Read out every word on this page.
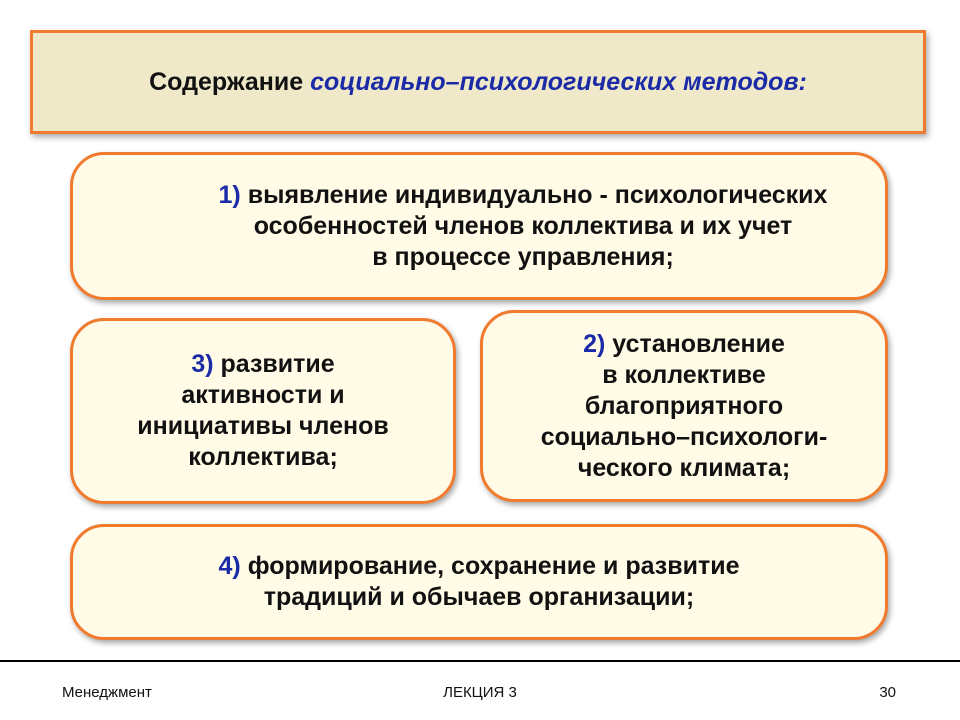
Содержание социально–психологических методов:
1) выявление индивидуально - психологических
особенностей членов коллектива и их учет
в процессе управления;
3) развитие
активности и
инициативы членов
коллектива;
2) установление
в коллективе
благоприятного
социально–психологи-
ческого климата;
4) формирование, сохранение и развитие
традиций и обычаев организации;
Менеджмент	ЛЕКЦИЯ 3	30
